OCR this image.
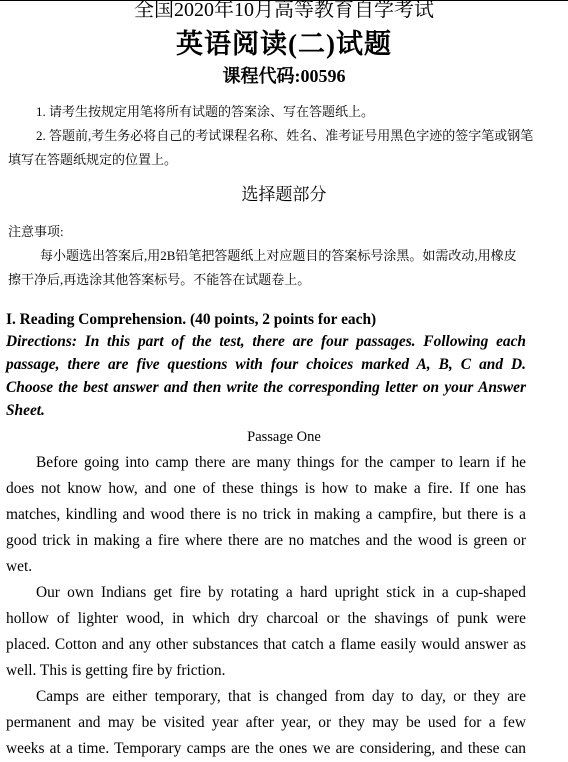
全国2020年10月高等教育自学考试
英语阅读(二)试题
课程代码:00596
1. 请考生按规定用笔将所有试题的答案涂、写在答题纸上。
2. 答题前,考生务必将自己的考试课程名称、姓名、准考证号用黑色字迹的签字笔或钢笔
填写在答题纸规定的位置上。
选择题部分
注意事项:
每小题选出答案后,用2B铅笔把答题纸上对应题目的答案标号涂黑。如需改动,用橡皮
擦干净后,再选涂其他答案标号。不能答在试题卷上。
I. Reading Comprehension. (40 points, 2 points for each)
Directions: In this part of the test, there are four passages. Following each
passage, there are five questions with four choices marked A, B, C and D.
Choose the best answer and then write the corresponding letter on your Answer
Sheet.
Passage One
Before going into camp there are many things for the camper to learn if he
does not know how, and one of these things is how to make a fire. If one has
matches, kindling and wood there is no trick in making a campfire, but there is a
good trick in making a fire where there are no matches and the wood is green or
wet.
Our own Indians get fire by rotating a hard upright stick in a cup-shaped
hollow of lighter wood, in which dry charcoal or the shavings of punk were
placed. Cotton and any other substances that catch a flame easily would answer as
well. This is getting fire by friction.
Camps are either temporary, that is changed from day to day, or they are
permanent and may be visited year after year, or they may be used for a few
weeks at a time. Temporary camps are the ones we are considering, and these can
